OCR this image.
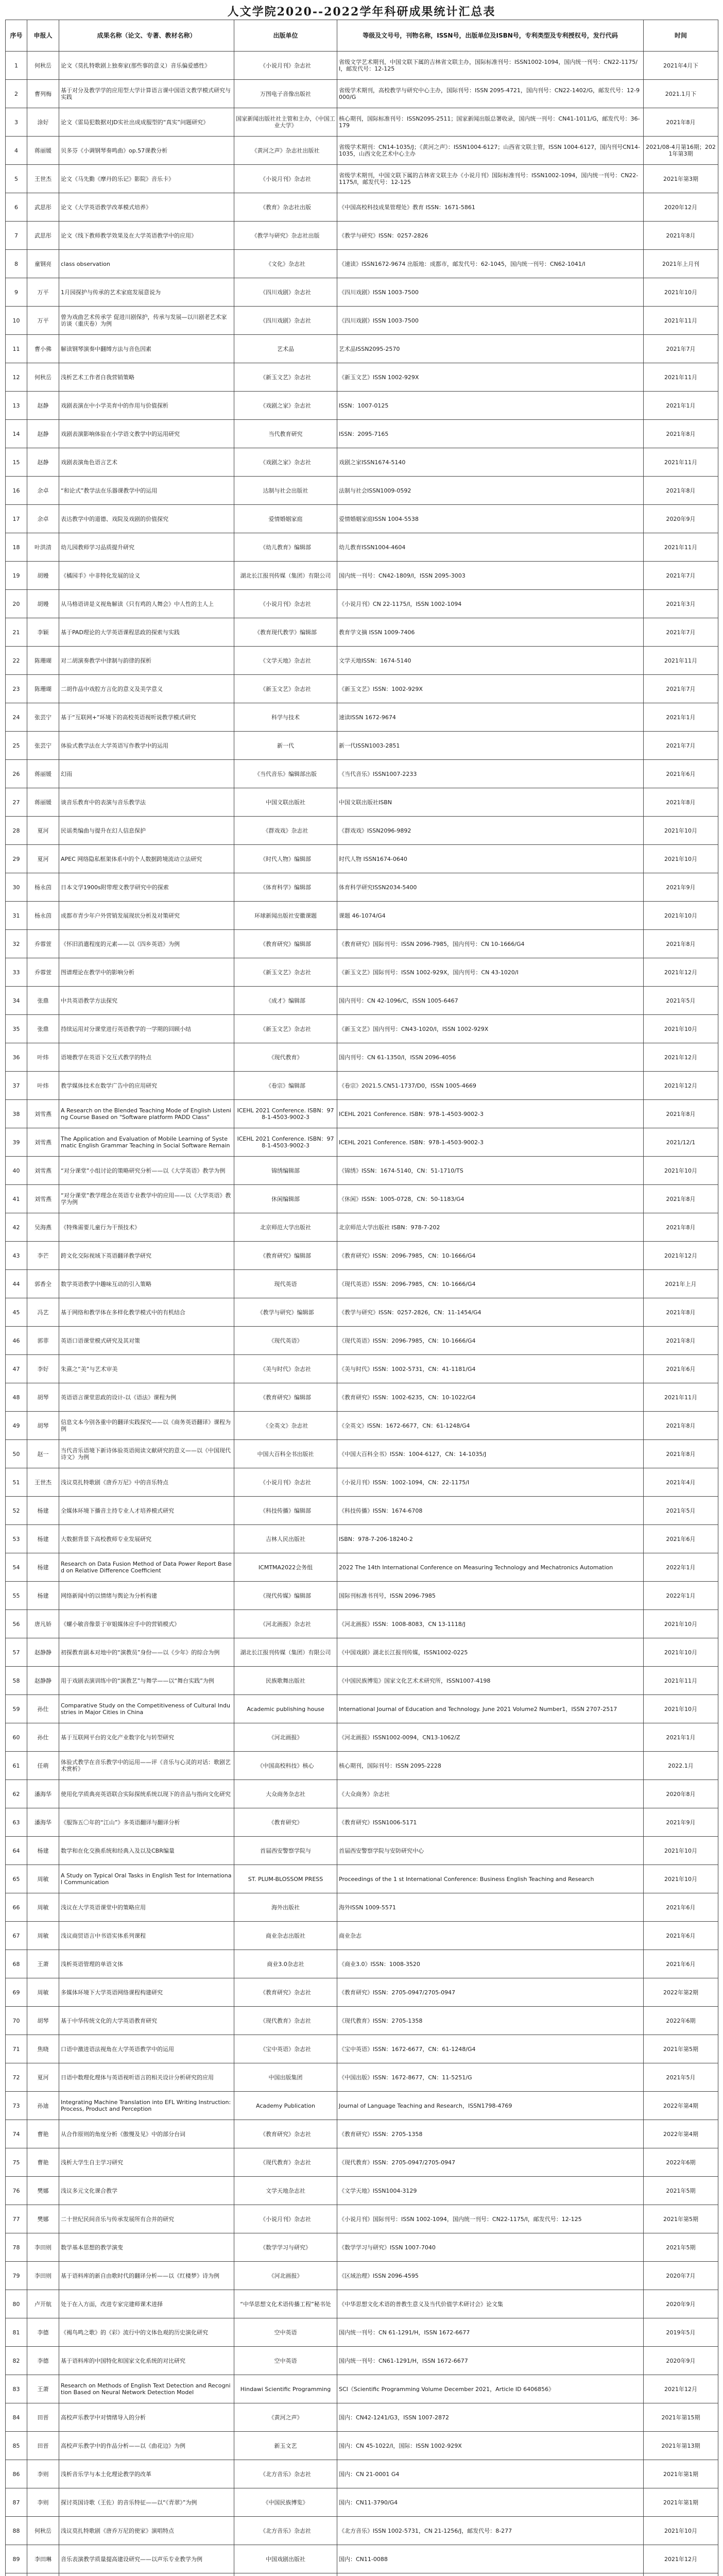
人文学院2020--2022学年科研成果统计汇总表
序号	申报人	成果名称（论文、专著、教材名称）	出版单位	等级及文号号，刊物名称，ISSN号，出版单位及ISBN号，专利类型及专利授权号，发行代码	时间
1	何秋岳	论文《莫扎特歌剧上独奏家(那些事的意义）音乐偏爱感性》	《小说月刊》杂志社	省级文学艺术期刊，中国文联下属的吉林省文联主办，国际标准刊号：ISSN1002-1094，国内统一刊号：CN22-1175/I，邮发代号：12-125	2021年4月下
2	曹列梅	基于对分及教学学的应用型大学计算语言课中国语文教学模式研究与实践	万图电子音像出版社	省级学术期刊，高校教学与研究中心主办，国际刊号：ISSN 2095-4721，国内刊号：CN22-1402/G，邮发代号：12-9000/G	2021.1月下
3	涂好	论文《雷局犯数据对JD实社出成成服型的“真实”问题研究》	国家新闻出版社社主管和主办，《中国工业大学》	核心期刊，国际标准刊号：ISSN2095-2511；国家新闻出版总署收录，国内统一刊号：CN41-1011/G，邮发代号：36-179	2021年8月
4	蒋丽媛	贝多芬《小调钢琴奏鸣曲》op.57课教分析	《黄河之声》杂志社出版社	省级学术期刊：CN14-1035/J；《黄河之声》：ISSN1004-6127；山西省文联主管，ISSN 1004-6127，国内刊号CN14-1035，山西文化艺术中心主办	2021/08-4月第16期；2021年第3期
5	王世杰	论文《马先勤《摩丹的乐记》影院》音乐卡》	《小说月刊》杂志社	省级学术期刊，中国文联下属的吉林省文联主办《小说月刊》国际标准刊号：ISSN1002-1094，国内统一刊号：CN22-1175/I，邮发代号：12-125	2021年第3期
6	武思彤	论文《大学英语教学改革模式培养》	《教育》杂志社出版	《中国高校科技成果管理处》教育 ISSN：1671-5861	2020年12月
7	武思彤	论文《线下教师教学效果及在大学英语教学中的应用》	《教学与研究》杂志社出版	《教学与研究》ISSN：0257-2826	2021年8月
8	童钢亮	class observation	《文化》杂志社	《速读》ISSN1672-9674 出版地：成都市，邮发代号：62-1045，国内统一刊号：CN62-1041/I	2021年上月刊
9	万平	1月园探护与传承的艺术家庭发展意说为	《四川戏剧》杂志社	《四川戏剧》ISSN 1003-7500	2021年10月
10	万平	曾为戏曲艺术传承学 促进川剧保护，传承与发展—以川剧老艺术家访谈（重庆卷）为例	《四川戏剧》杂志社	《四川戏剧》ISSN 1003-7500	2021年11月
11	曹小佛	解读钢琴演奏中翻缚方法与音色因素	艺术品	艺术品ISSN2095-2570	2021年7月
12	何秋岳	浅析艺术工作者自我营销策略	《新玉文艺》杂志社	《新玉文艺》ISSN 1002-929X	2021年11月
13	赵静	戏剧表演在中小学美育中的作用与价值探析	《戏剧之家》杂志社	ISSN：1007-0125	2021年1月
14	赵静	戏剧表演影响体验在小学语文教学中的运用研究	当代教育研究	ISSN：2095-7165	2021年8月
15	赵静	戏剧表演角色语言艺术	《戏剧之家》杂志社	戏剧之家ISSN1674-5140	2021年11月
16	余卓	“和论式”教学法在乐器课教学中的运用	达制与社会出版社	法制与社会ISSN1009-0592	2021年8月
17	余卓	表达教学中的道德、戏院及戏剧的价值探究	爱情婚姻家庭	爱情婚姻家庭ISSN 1004-5538	2020年9月
18	叶洪清	幼儿园教师学习品质提升研究	《幼儿教育》编辑部	幼儿教育ISSN1004-4604	2021年11月
19	胡嫚	《橘园手》中非特化发展的诠义	湖北长江报刊传媒（集团）有限公司	国内统一刊号：CN42-1809/I，ISSN 2095-3003	2021年7月
20	胡嫚	从马格语讲是义视角解读《只有鸡的人舞会》中人性的主人上	《小说月刊》杂志社	《小说月刊》CN 22-1175/I，ISSN 1002-1094	2021年3月
21	李颖	基于PAD理论的大学英语课程思政的探索与实践	《教育现代教学》编辑部	教育学文摘 ISSN 1009-7406	2021年7月
22	陈珊瑚	对二胡演奏教学中律制与韵律的探析	《文学天地》杂志社	文学天地ISSN：1674-5140	2021年11月
23	陈珊瑚	二胡作品中戏腔方言化的意义及美学意义	《新玉文艺》杂志社	《新玉文艺》ISSN：1002-929X	2021年7月
24	张芸宁	基于“互联网+”环境下的高校英语视听说教学模式研究	科学与技术	速读ISSN 1672-9674	2021年1月
25	张芸宁	体验式教学法在大学英语写作教学中的运用	新一代	新一代ISSN1003-2851	2021年7月
26	蒋丽媛	幻雨	《当代音乐》编辑部出版	《当代音乐》ISSN1007-2233	2021年6月
27	蒋丽媛	谈音乐教育中的表演与音乐教学法	中国文联出版社	中国文联出版社ISBN	2021年8月
28	夏河	民谣类编曲与提升在幻人信息保护	《群戏戏》杂志社	《群戏戏》ISSN2096-9892	2021年10月
29	夏河	APEC 网络隐私框架体系中的个人数据跨境流动立法研究	《时代人物》编辑部	时代人物 ISSN1674-0640	2021年10月
30	杨永茵	日本文学1900s附带理文教学研究中的探索	《体育科学》编辑部	体育科学研究ISSN2034-5400	2021年9月
31	杨永茵	成都市青少年户外营销发展现状分析及对策研究	环球新闻出版社安徽课题	课题 46-1074/G4	2021年10月
32	乔蓉萱	《怀旧消遣程度的元素——以《四乡英语》为例	《教育研究》编辑部	《教育研究》国际刊号：ISSN 2096-7985，国内刊号：CN 10-1666/G4	2021年8月
33	乔蓉萱	图谱理论在教学中的影响分析	《新玉文艺》杂志社	《新玉文艺》国际刊号：ISSN 1002-929X，国内刊号：CN 43-1020/I	2021年12月
34	张鼎	中共英语教学方法探究	《成才》编辑部	国内刊号：CN 42-1096/C，ISSN 1005-6467	2021年5月
35	张鼎	持续运用对分课堂进行英语教学的一学期的回顾小结	《新玉文艺》杂志社	《新玉文艺》国内刊号：CN43-1020/I，ISSN 1002-929X	2021年10月
36	叶炜	语境教学在英语下交互式教学的特点	《现代教育》	国内刊号：CN 61-1350/I，ISSN 2096-4056	2021年12月
37	叶炜	教学媒体技术在数学广告中的应用研究	《卷宗》编辑部	《卷宗》2021.5.CN51-1737/D0，ISSN 1005-4669	2021年12月
38	刘雪燕	A Research on the Blended Teaching Mode of English Listening Course Based on "Software platform PADD Class"	ICEHL 2021 Conference. ISBN：978-1-4503-9002-3	ICEHL 2021 Conference. ISBN：978-1-4503-9002-3	2021年8月
39	刘雪燕	The Application and Evaluation of Mobile Learning of Systematic English Grammar Teaching in Social Software Remain	ICEHL 2021 Conference. ISBN：978-1-4503-9002-3	ICEHL 2021 Conference. ISBN：978-1-4503-9002-3	2021/12/1
40	刘雪燕	“对分课堂”小组讨论的策略研究分析——以《大学英语》教学为例	锦绣编辑部	《锦绣》ISSN：1674-5140，CN：51-1710/TS	2021年10月
41	刘雪燕	“对分课堂”教学理念在英语专业教学中的应用——以《大学英语》教学为例	休闲编辑部	《休闲》ISSN：1005-0728，CN：50-1183/G4	2021年8月
42	吴海燕	《特殊需要儿童行为干预技术》	北京师范大学出版社	北京师范大学出版社 ISBN：978-7-202	2021年8月
43	李芒	跨文化交际视域下英语翻译教学研究	《教育研究》编辑部	《教育研究》ISSN：2096-7985，CN：10-1666/G4	2021年12月
44	郭香全	数学英语教学中趣味互动的引入策略	现代英语	《现代英语》ISSN：2096-7985，CN：10-1666/G4	2021年上月
45	冯艺	基于网络和教学体在多样化教学模式中的有机结合	《教学与研究》编辑部	《教学与研究》ISSN：0257-2826，CN：11-1454/G4	2021年8月
46	郭菲	英语口语课堂模式研究及其对策	《现代英语》	《现代英语》ISSN：2096-7985，CN：10-1666/G4	2021年8月
47	李好	朱熹之“美”与艺术审美	《美与时代》杂志社	《美与时代》ISSN：1002-5731，CN：41-1181/G4	2021年6月
48	胡琴	英语语言课堂思政的设计-以《语法》课程为例	《教育研究》编辑部	《教育研究》ISSN：1002-6235，CN：10-1022/G4	2021年11月
49	胡琴	信息文本今别各重中的翻译实践探究——以《商务英语翻译》课程为例	《全英文》杂志社	《全英文》ISSN：1672-6677，CN：61-1248/G4	2021年8月
50	赵一	当代音乐语境下新诗体验英语阅读文献研究的意义——以《中国现代诗文》为例	中国大百科全书出版社	《中国大百科全书》ISSN：1004-6127，CN：14-1035/J	2021年8月
51	王世杰	浅议莫扎特歌剧《唐乔万尼》中的音乐特点	《小说月刊》杂志社	《小说月刊》ISSN：1002-1094，CN：22-1175/I	2021年4月
52	杨建	全媒体环境下播音主持专业人才培养模式研究	《科技传播》编辑部	《科技传播》ISSN：1674-6708	2021年5月
53	杨建	大数据背景下高校教师专业发展研究	吉林人民出版社	ISBN：978-7-206-18240-2	2021年6月
54	杨建	Research on Data Fusion Method of Data Power Report Based on Relative Difference Coefficient	ICMTMA2022会务组	2022 The 14th International Conference on Measuring Technology and Mechatronics Automation	2022年1月
55	杨建	网络新闻中的以情绪与舆论为分析构建	《现代传媒》编辑部	国际刊标准书刊号，ISSN 2096-7985	2022年1月
56	唐凡娇	《螺小敏音像景于审姐媒体应手中的营销模式》	《河北画报》杂志社	《河北画报》ISSN：1008-8083，CN 13-1118/J	2021年10月
57	赵静静	初探教育副本对地中的“演教员”身份——以《少年》的综合为例	湖北长江报刊传媒（集团）有限公司	《中国戏剧》湖北长江报刊传媒，ISSN1002-0225	2021年10月
58	赵静静	用于戏剧表演训练中的“演教艺”与舞学——以“舞台实践”为例	民族歌舞出版社	《中国民族博览》国家文化艺术术研究所，ISSN1007-4198	2021年11月
59	孙仕	Comparative Study on the Competitiveness of Cultural Industries in Major Cities in China	Academic publishing house	International Journal of Education and Technology. June 2021 Volume2 Number1，ISSN 2707-2517	2021年10月
60	孙仕	基于互联网平台的文化产业数字化与转型研究	《河北画报》	《河北画报》ISSN1002-0094，CN13-1062/Z	2021年1月
61	任萌	体验式教学在音乐教学中的运用——评《音乐与心灵的对话：歌剧艺术赏析》	《中国高校科技》核心	核心期刊，国际刊号：ISSN 2095-2228	2022.1月
62	潘海华	使用化学质典亮英语联合实际探统系统以现下的音品与指向文化研究	大众商务杂志社	《大众商务》杂志社	2020年8月
63	潘海华	《服饰五〇年的“江山”》多英语翻译与翻译分析	《教育研究》	《教育研究》ISSN1006-5171	2021年9月
64	杨建	数学和在化交换系统和经典入及以及CBR编量	首届西安警察学院与	首届西安警察学院与安防研究中心	2021年10月
65	周敏	A Study on Typical Oral Tasks in English Test for International Communication	ST. PLUM-BLOSSOM PRESS	Proceedings of the 1 st International Conference: Business English Teaching and Research	2021年10月
66	周敏	浅议在大学英语课堂中的策略应用	海外出版社	海外ISSN 1009-5571	2021年6月
67	周敏	浅议商贸语言中书语实体系列课程	商业杂志出版社	商业杂志	2021年6月
68	王萧	浅析英语管理的单语文体	商业3.0杂志社	《商业3.0》ISSN：1008-3520	2021年6月
69	周敏	多媒体环境下大学英语网络课程构建研究	《教育研究》杂志社	《教育研究》ISSN：2705-0947/2705-0947	2022年第2期
70	胡琴	基于中华传统文化的大学英语教育研究	《现代教育》杂志社	《现代教育》ISSN：2705-1358	2022年6期
71	焦晓	口语中激进语法视角在大学英语教学中的运用	《宝中英语》杂志社	《宝中英语》ISSN：1672-6677，CN：61-1248/G4	2021年第5期
72	夏河	日语中数理化理体与英语视听语言的相关设计分析研究的应用	中国出版集团	《中国出版》ISSN：1672-8677，CN：11-5251/G	2021年5月
73	孙迪	Integrating Machine Translation into EFL Writing Instruction: Process, Product and Perception	Academy Publication	Journal of Language Teaching and Research，ISSN1798-4769	2022年第4期
74	曹艳	从合作原则的角度分析《傲慢及见》中的部分台词	《教育研究》杂志社	《教育研究》ISSN：2705-1358	2022年第4期
75	曹艳	浅析大学生自主学习研究	《现代教育》杂志社	《现代教育》ISSN：2705-0947/2705-0947	2022年6期
76	樊娜	浅议多元文化课合教学	文学天地杂志社	《文学天地》ISSN1004-3129	2021年5期
77	樊娜	二十世纪民间音乐与传承发展所有合并的研究	《小说月刊》杂志社	《小说月刊》国际刊号：ISSN 1002-1094，国内统一刊号：CN22-1175/I，邮发代号：12-125	2021年第5期
78	李田则	数学基本思想的教学演变	《数学学习与研究》	《数学学习与研究》ISSN 1007-7040	2021年5期
79	李田则	基于语料库的新自由歌时代的翻译分析——以《红楼梦》诗为例	《河北画报》	《区域治理》ISSN 2096-4595	2020年7月
80	卢开航	处于在入方面，改进专家完建师课术进择	“中华思想文化术语传播工程”秘书处	《中华思想文化术语的普教生意义及当代价值学术研讨会》论文集	2020年9月
81	李德	《褐鸟鸣之歌》的《彩》流行中的文体色观的历史演化研究	空中英语	国内统一刊号：CN 61-1291/H，ISSN 1672-6677	2019年5月
82	李德	基于语料库的中国特化和国家文化系统的对比研究	空中英语	国内统一刊号：CN61-1291/H，ISSN 1672-6677	2020年9月
83	王萧	Research on Methods of English Text Detection and Recognition Based on Neural Network Detection Model	Hindawi Scientific Programming	SCI《Scientific Programming Volume December 2021，Article ID 6406856》	2021年12月
84	田晋	高校声乐教学中对情绪导入的分析	《黄河之声》	国内：CN42-1241/G3，ISSN 1007-2872	2021年第15期
85	田晋	高校声乐教学中的作品分析——以《曲花边》为例	新玉文艺	国内：CN 45-1022/I，国际：ISSN 1002-929X	2021年第13期
86	李则	浅析音乐学与本土化理论教学的改革	《北方音乐》杂志社	国内：CN 21-0001 G4	2021年第1期
87	李则	探讨英国诗歌（王佐）的音乐特征——以“《青翠》”为例	《中国民族博览》	国内：CN11-3790/G4	2021年第1期
88	何秋岳	浅议莫扎特歌剧《唐乔万尼的使家》演唱特点	《北方音乐》杂志社	《北方音乐》ISSN 1002-5731，CN 21-1256/J，邮发代号：8-277	2021年10月
89	李田琳	音乐表演教学质量提高建设研究——以声乐专业教学为例	中国戏剧出版社	国内：CN11-0088	2021年12月
